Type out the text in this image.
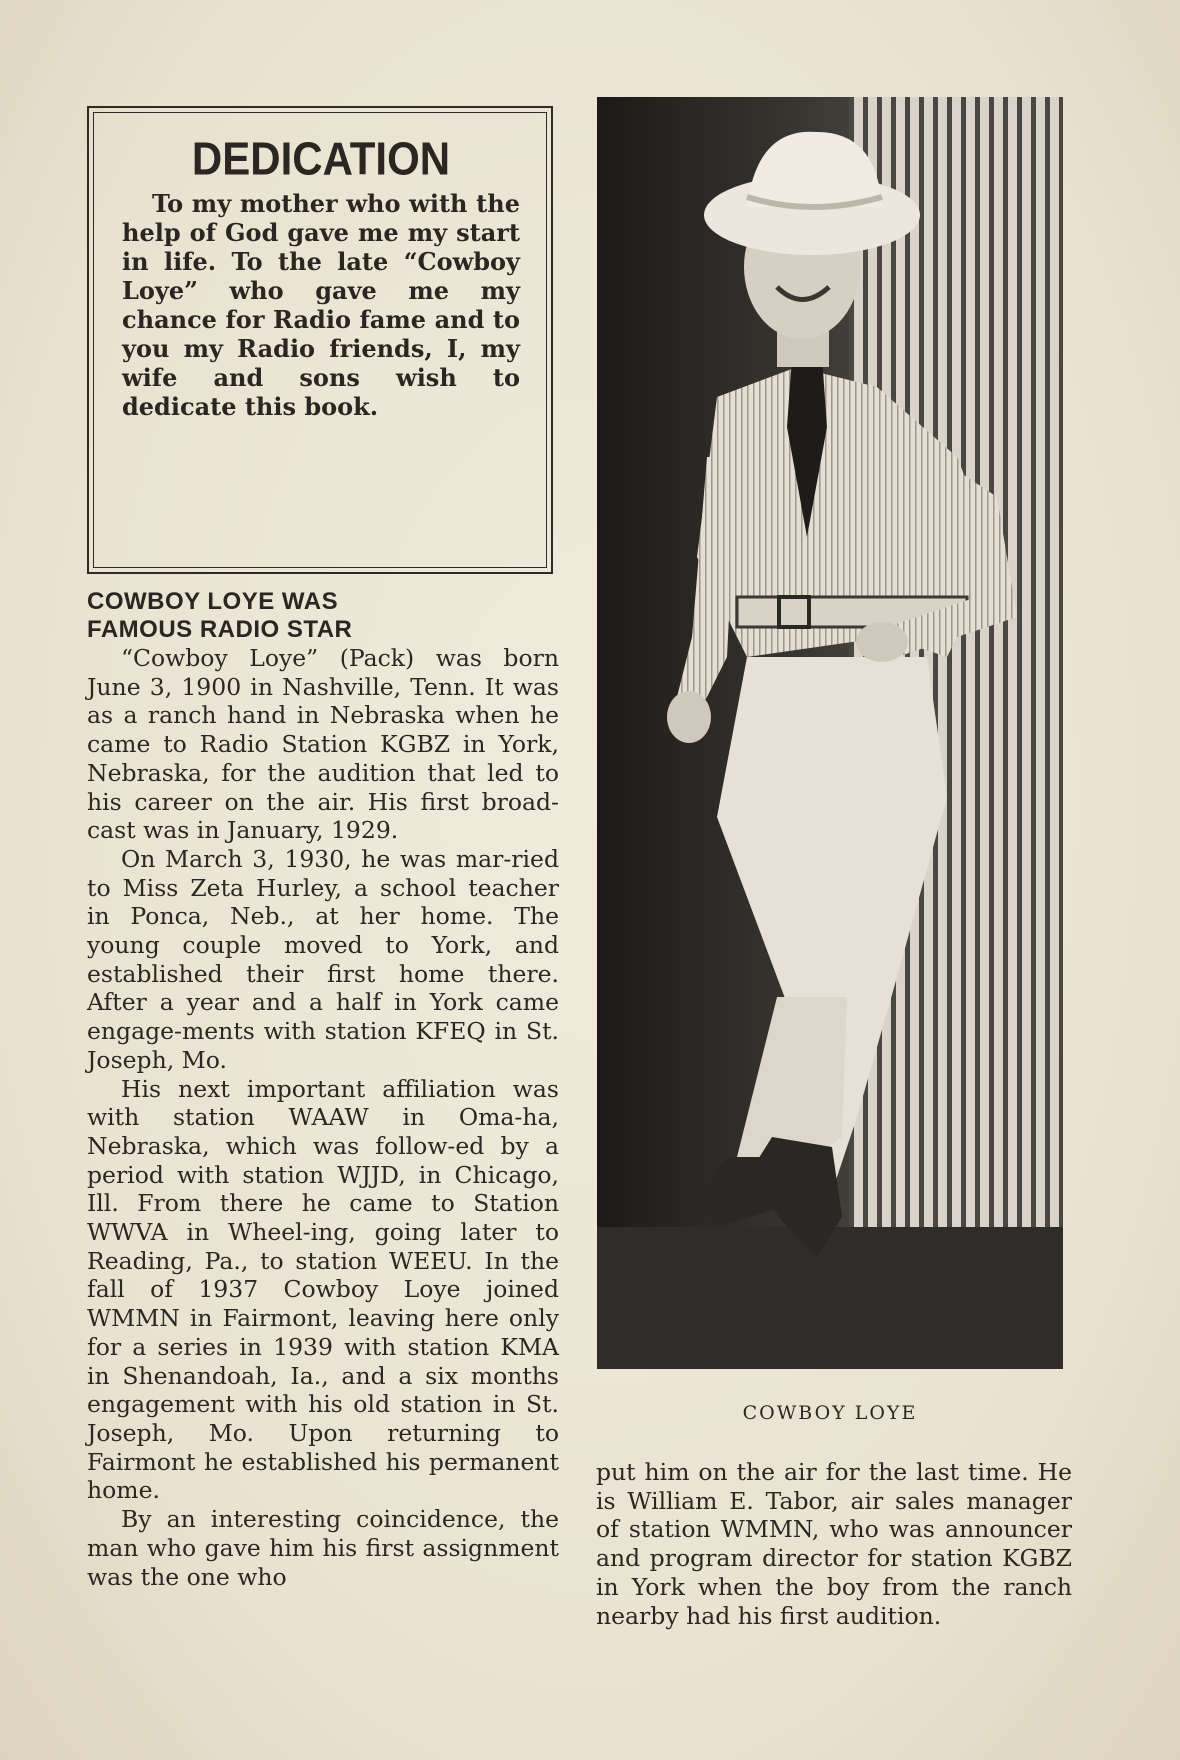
DEDICATION

To my mother who with the help of God gave me my start in life. To the late “Cowboy Loye” who gave me my chance for Radio fame and to you my Radio friends, I, my wife and sons wish to dedicate this book.

COWBOY LOYE WAS
FAMOUS RADIO STAR

“Cowboy Loye” (Pack) was born June 3, 1900 in Nashville, Tenn. It was as a ranch hand in Nebraska when he came to Radio Station KGBZ in York, Nebraska, for the audition that led to his career on the air. His first broad-cast was in January, 1929.

On March 3, 1930, he was mar-ried to Miss Zeta Hurley, a school teacher in Ponca, Neb., at her home. The young couple moved to York, and established their first home there. After a year and a half in York came engage-ments with station KFEQ in St. Joseph, Mo.

His next important affiliation was with station WAAW in Oma-ha, Nebraska, which was follow-ed by a period with station WJJD, in Chicago, Ill. From there he came to Station WWVA in Wheel-ing, going later to Reading, Pa., to station WEEU. In the fall of 1937 Cowboy Loye joined WMMN in Fairmont, leaving here only for a series in 1939 with station KMA in Shenandoah, Ia., and a six months engagement with his old station in St. Joseph, Mo. Upon returning to Fairmont he established his permanent home.

By an interesting coincidence, the man who gave him his first assignment was the one who

COWBOY LOYE

put him on the air for the last time. He is William E. Tabor, air sales manager of station WMMN, who was announcer and program director for station KGBZ in York when the boy from the ranch nearby had his first audition.
